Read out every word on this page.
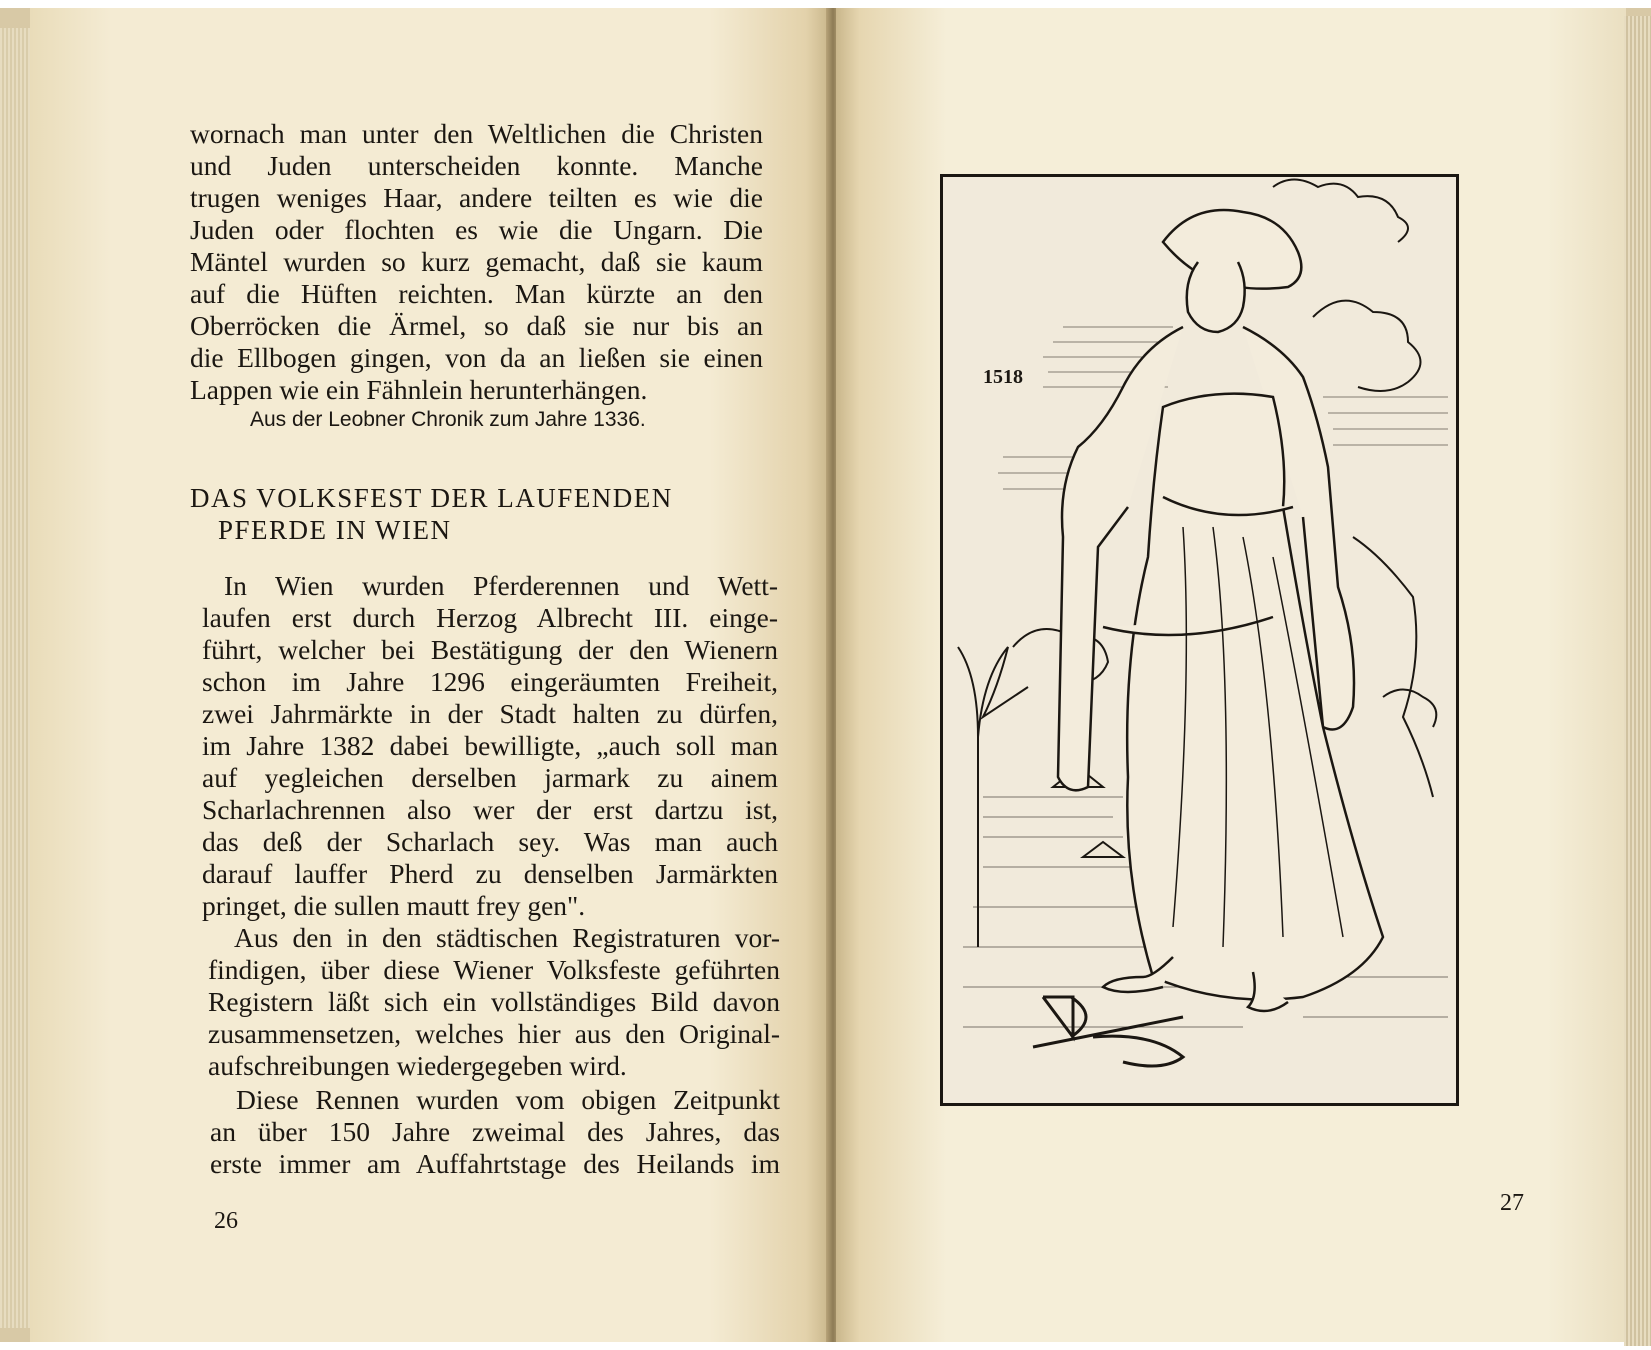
wornach man unter den Weltlichen die Christen
und Juden unterscheiden konnte. Manche
trugen weniges Haar, andere teilten es wie die
Juden oder flochten es wie die Ungarn. Die
Mäntel wurden so kurz gemacht, daß sie kaum
auf die Hüften reichten. Man kürzte an den
Oberröcken die Ärmel, so daß sie nur bis an
die Ellbogen gingen, von da an ließen sie einen
Lappen wie ein Fähnlein herunterhängen.
Aus der Leobner Chronik zum Jahre 1336.
DAS VOLKSFEST DER LAUFENDEN
PFERDE IN WIEN
In Wien wurden Pferderennen und Wett-
laufen erst durch Herzog Albrecht III. einge-
führt, welcher bei Bestätigung der den Wienern
schon im Jahre 1296 eingeräumten Freiheit,
zwei Jahrmärkte in der Stadt halten zu dürfen,
im Jahre 1382 dabei bewilligte, „auch soll man
auf yegleichen derselben jarmark zu ainem
Scharlachrennen also wer der erst dartzu ist,
das deß der Scharlach sey. Was man auch
darauf lauffer Pherd zu denselben Jarmärkten
pringet, die sullen mautt frey gen".
Aus den in den städtischen Registraturen vor-
findigen, über diese Wiener Volksfeste geführten
Registern läßt sich ein vollständiges Bild davon
zusammensetzen, welches hier aus den Original-
aufschreibungen wiedergegeben wird.
Diese Rennen wurden vom obigen Zeitpunkt
an über 150 Jahre zweimal des Jahres, das
erste immer am Auffahrtstage des Heilands im
26
1518
27
